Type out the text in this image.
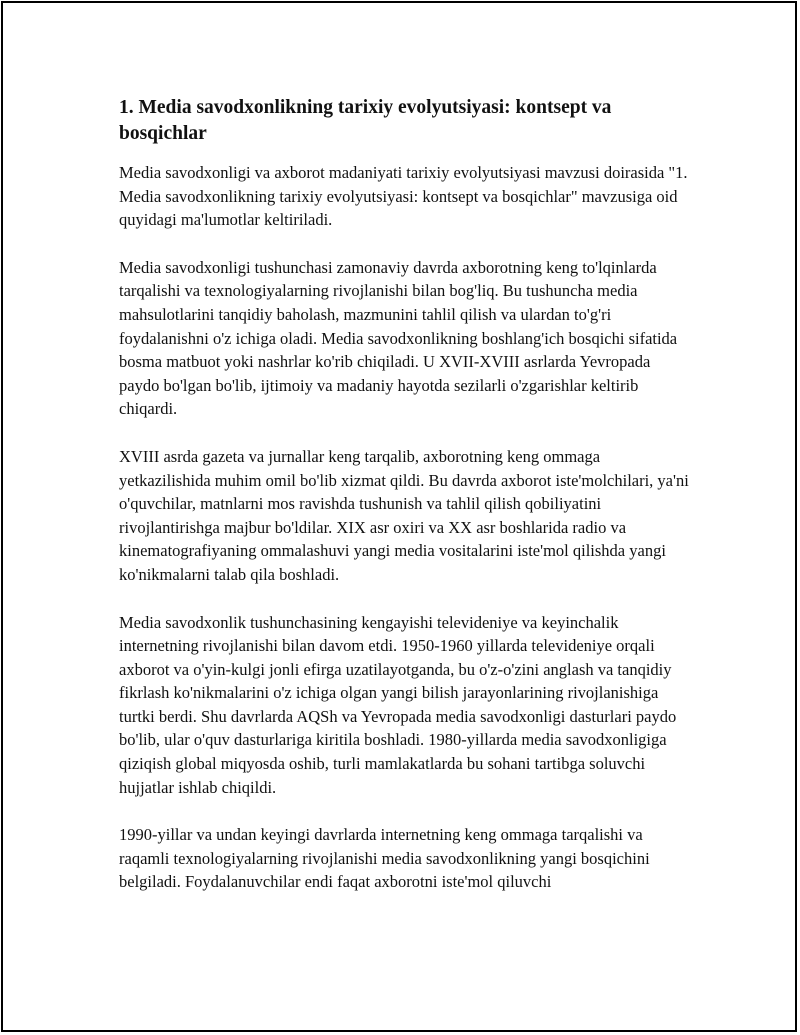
1. Media savodxonlikning tarixiy evolyutsiyasi: kontsept va bosqichlar

Media savodxonligi va axborot madaniyati tarixiy evolyutsiyasi mavzusi doirasida "1. Media savodxonlikning tarixiy evolyutsiyasi: kontsept va bosqichlar" mavzusiga oid quyidagi ma'lumotlar keltiriladi.

Media savodxonligi tushunchasi zamonaviy davrda axborotning keng to'lqinlarda tarqalishi va texnologiyalarning rivojlanishi bilan bog'liq. Bu tushuncha media mahsulotlarini tanqidiy baholash, mazmunini tahlil qilish va ulardan to'g'ri foydalanishni o'z ichiga oladi. Media savodxonlikning boshlang'ich bosqichi sifatida bosma matbuot yoki nashrlar ko'rib chiqiladi. U XVII-XVIII asrlarda Yevropada paydo bo'lgan bo'lib, ijtimoiy va madaniy hayotda sezilarli o'zgarishlar keltirib chiqardi.

XVIII asrda gazeta va jurnallar keng tarqalib, axborotning keng ommaga yetkazilishida muhim omil bo'lib xizmat qildi. Bu davrda axborot iste'molchilari, ya'ni o'quvchilar, matnlarni mos ravishda tushunish va tahlil qilish qobiliyatini rivojlantirishga majbur bo'ldilar. XIX asr oxiri va XX asr boshlarida radio va kinematografiyaning ommalashuvi yangi media vositalarini iste'mol qilishda yangi ko'nikmalarni talab qila boshladi.

Media savodxonlik tushunchasining kengayishi televideniye va keyinchalik internetning rivojlanishi bilan davom etdi. 1950-1960 yillarda televideniye orqali axborot va o'yin-kulgi jonli efirga uzatilayotganda, bu o'z-o'zini anglash va tanqidiy fikrlash ko'nikmalarini o'z ichiga olgan yangi bilish jarayonlarining rivojlanishiga turtki berdi. Shu davrlarda AQSh va Yevropada media savodxonligi dasturlari paydo bo'lib, ular o'quv dasturlariga kiritila boshladi. 1980-yillarda media savodxonligiga qiziqish global miqyosda oshib, turli mamlakatlarda bu sohani tartibga soluvchi hujjatlar ishlab chiqildi.

1990-yillar va undan keyingi davrlarda internetning keng ommaga tarqalishi va raqamli texnologiyalarning rivojlanishi media savodxonlikning yangi bosqichini belgiladi. Foydalanuvchilar endi faqat axborotni iste'mol qiluvchi
